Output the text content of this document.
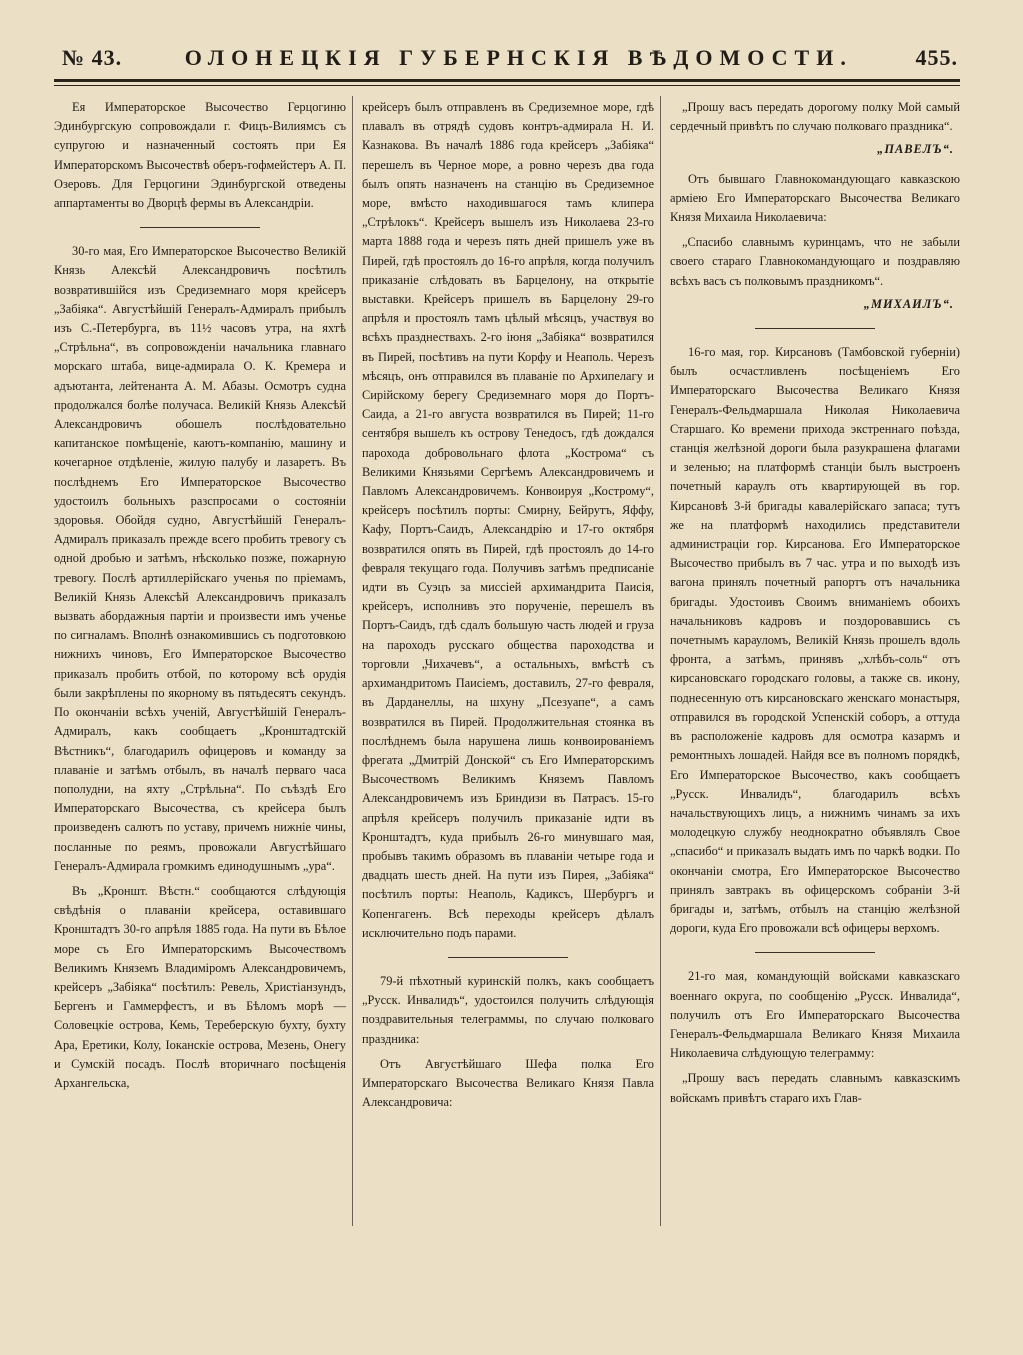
№ 43.	ОЛОНЕЦКIЯ ГУБЕРНСКIЯ ВѢДОМОСТИ.	455.

Ея Императорское Высочество Герцогиню Эдинбургскую сопровождали г. Фицъ-Вилиямсъ съ супругою и назначенный состоять при Ея Императорскомъ Высочествѣ оберъ-гофмейстеръ А. П. Озеровъ. Для Герцогини Эдинбургской отведены аппартаменты во Дворцѣ фермы въ Александріи.

30-го мая, Его Императорское Высочество Великій Князь Алексѣй Александровичъ посѣтилъ возвратившійся изъ Средиземнаго моря крейсеръ „Забіяка“. Августѣйшій Генералъ-Адмиралъ прибылъ изъ С.-Петербурга, въ 11½ часовъ утра, на яхтѣ „Стрѣльна“, въ сопровожденіи начальника главнаго морскаго штаба, вице-адмирала О. К. Кремера и адъютанта, лейтенанта А. М. Абазы. Осмотръ судна продолжался болѣе получаса. Великій Князь Алексѣй Александровичъ обошелъ послѣдовательно капитанское помѣщеніе, каютъ-компанію, машину и кочегарное отдѣленіе, жилую палубу и лазаретъ. Въ послѣднемъ Его Императорское Высочество удостоилъ больныхъ разспросами о состояніи здоровья. Обойдя судно, Августѣйшій Генералъ-Адмиралъ приказалъ прежде всего пробить тревогу съ одной дробью и затѣмъ, нѣсколько позже, пожарную тревогу. Послѣ артиллерійскаго ученья по пріемамъ, Великій Князь Алексѣй Александровичъ приказалъ вызвать абордажныя партіи и произвести имъ ученье по сигналамъ. Вполнѣ ознакомившись съ подготовкою нижнихъ чиновъ, Его Императорское Высочество приказалъ пробить отбой, по которому всѣ орудія были закрѣплены по якорному въ пятьдесятъ секундъ. По окончаніи всѣхъ ученій, Августѣйшій Генералъ-Адмиралъ, какъ сообщаетъ „Кронштадтскій Вѣстникъ“, благодарилъ офицеровъ и команду за плаваніе и затѣмъ отбылъ, въ началѣ перваго часа пополудни, на яхту „Стрѣльна“. По съѣздѣ Его Императорскаго Высочества, съ крейсера былъ произведенъ салютъ по уставу, причемъ нижніе чины, посланные по реямъ, провожали Августѣйшаго Генералъ-Адмирала громкимъ единодушнымъ „ура“.

Въ „Кроншт. Вѣстн.“ сообщаются слѣдующія свѣдѣнія о плаваніи крейсера, оставившаго Кронштадтъ 30-го апрѣля 1885 года. На пути въ Бѣлое море съ Его Императорскимъ Высочествомъ Великимъ Княземъ Владиміромъ Александровичемъ, крейсеръ „Забіяка“ посѣтилъ: Ревель, Христіанзундъ, Бергенъ и Гаммерфестъ, и въ Бѣломъ морѣ — Соловецкіе острова, Кемь, Тереберскую бухту, бухту Ара, Еретики, Колу, Іоканскіе острова, Мезень, Онегу и Сумскій посадъ. Послѣ вторичнаго посѣщенія Архангельска,

крейсеръ былъ отправленъ въ Средиземное море, гдѣ плавалъ въ отрядѣ судовъ контръ-адмирала Н. И. Казнакова. Въ началѣ 1886 года крейсеръ „Забіяка“ перешелъ въ Черное море, а ровно черезъ два года былъ опять назначенъ на станцію въ Средиземное море, вмѣсто находившагося тамъ клипера „Стрѣлокъ“. Крейсеръ вышелъ изъ Николаева 23-го марта 1888 года и черезъ пять дней пришелъ уже въ Пирей, гдѣ простоялъ до 16-го апрѣля, когда получилъ приказаніе слѣдовать въ Барцелону, на открытіе выставки. Крейсеръ пришелъ въ Барцелону 29-го апрѣля и простоялъ тамъ цѣлый мѣсяцъ, участвуя во всѣхъ празднествахъ. 2-го іюня „Забіяка“ возвратился въ Пирей, посѣтивъ на пути Корфу и Неаполь. Черезъ мѣсяцъ, онъ отправился въ плаваніе по Архипелагу и Сирійскому берегу Средиземнаго моря до Портъ-Саида, а 21-го августа возвратился въ Пирей; 11-го сентября вышелъ къ острову Тенедосъ, гдѣ дождался парохода добровольнаго флота „Кострома“ съ Великими Князьями Сергѣемъ Александровичемъ и Павломъ Александровичемъ. Конвоируя „Кострому“, крейсеръ посѣтилъ порты: Смирну, Бейрутъ, Яффу, Кафу, Портъ-Саидъ, Александрію и 17-го октября возвратился опять въ Пирей, гдѣ простоялъ до 14-го февраля текущаго года. Получивъ затѣмъ предписаніе идти въ Суэцъ за миссіей архимандрита Паисія, крейсеръ, исполнивъ это порученіе, перешелъ въ Портъ-Саидъ, гдѣ сдалъ большую часть людей и груза на пароходъ русскаго общества пароходства и торговли „Чихачевъ“, а остальныхъ, вмѣстѣ съ архимандритомъ Паисіемъ, доставилъ, 27-го февраля, въ Дарданеллы, на шхуну „Псезуапе“, а самъ возвратился въ Пирей. Продолжительная стоянка въ послѣднемъ была нарушена лишь конвоированіемъ фрегата „Дмитрій Донской“ съ Его Императорскимъ Высочествомъ Великимъ Княземъ Павломъ Александровичемъ изъ Бриндизи въ Патрасъ. 15-го апрѣля крейсеръ получилъ приказаніе идти въ Кронштадтъ, куда прибылъ 26-го минувшаго мая, пробывъ такимъ образомъ въ плаваніи четыре года и двадцать шесть дней. На пути изъ Пирея, „Забіяка“ посѣтилъ порты: Неаполь, Кадиксъ, Шербургъ и Копенгагенъ. Всѣ переходы крейсеръ дѣлалъ исключительно подъ парами.

79-й пѣхотный куринскій полкъ, какъ сообщаетъ „Русск. Инвалидъ“, удостоился получить слѣдующія поздравительныя телеграммы, по случаю полковаго праздника:

Отъ Августѣйшаго Шефа полка Его Императорскаго Высочества Великаго Князя Павла Александровича:

„Прошу васъ передать дорогому полку Мой самый сердечный привѣтъ по случаю полковаго праздника“.

„ПАВЕЛЪ“.

Отъ бывшаго Главнокомандующаго кавказскою арміею Его Императорскаго Высочества Великаго Князя Михаила Николаевича:

„Спасибо славнымъ куринцамъ, что не забыли своего стараго Главнокомандующаго и поздравляю всѣхъ васъ съ полковымъ праздникомъ“.

„МИХАИЛЪ“.

16-го мая, гор. Кирсановъ (Тамбовской губерніи) былъ осчастливленъ посѣщеніемъ Его Императорскаго Высочества Великаго Князя Генералъ-Фельдмаршала Николая Николаевича Старшаго. Ко времени прихода экстреннаго поѣзда, станція желѣзной дороги была разукрашена флагами и зеленью; на платформѣ станціи былъ выстроенъ почетный караулъ отъ квартирующей въ гор. Кирсановѣ 3-й бригады кавалерійскаго запаса; тутъ же на платформѣ находились представители администраціи гор. Кирсанова. Его Императорское Высочество прибылъ въ 7 час. утра и по выходѣ изъ вагона принялъ почетный рапортъ отъ начальника бригады. Удостоивъ Своимъ вниманіемъ обоихъ начальниковъ кадровъ и поздоровавшись съ почетнымъ карауломъ, Великій Князь прошелъ вдоль фронта, а затѣмъ, принявъ „хлѣбъ-соль“ отъ кирсановскаго городскаго головы, а также св. икону, поднесенную отъ кирсановскаго женскаго монастыря, отправился въ городской Успенскій соборъ, а оттуда въ расположеніе кадровъ для осмотра казармъ и ремонтныхъ лошадей. Найдя все въ полномъ порядкѣ, Его Императорское Высочество, какъ сообщаетъ „Русск. Инвалидъ“, благодарилъ всѣхъ начальствующихъ лицъ, а нижнимъ чинамъ за ихъ молодецкую службу неоднократно объявлялъ Свое „спасибо“ и приказалъ выдать имъ по чаркѣ водки. По окончаніи смотра, Его Императорское Высочество принялъ завтракъ въ офицерскомъ собраніи 3-й бригады и, затѣмъ, отбылъ на станцію желѣзной дороги, куда Его провожали всѣ офицеры верхомъ.

21-го мая, командующій войсками кавказскаго военнаго округа, по сообщенію „Русск. Инвалида“, получилъ отъ Его Императорскаго Высочества Генералъ-Фельдмаршала Великаго Князя Михаила Николаевича слѣдующую телеграмму:

„Прошу васъ передать славнымъ кавказскимъ войскамъ привѣтъ стараго ихъ Глав-
